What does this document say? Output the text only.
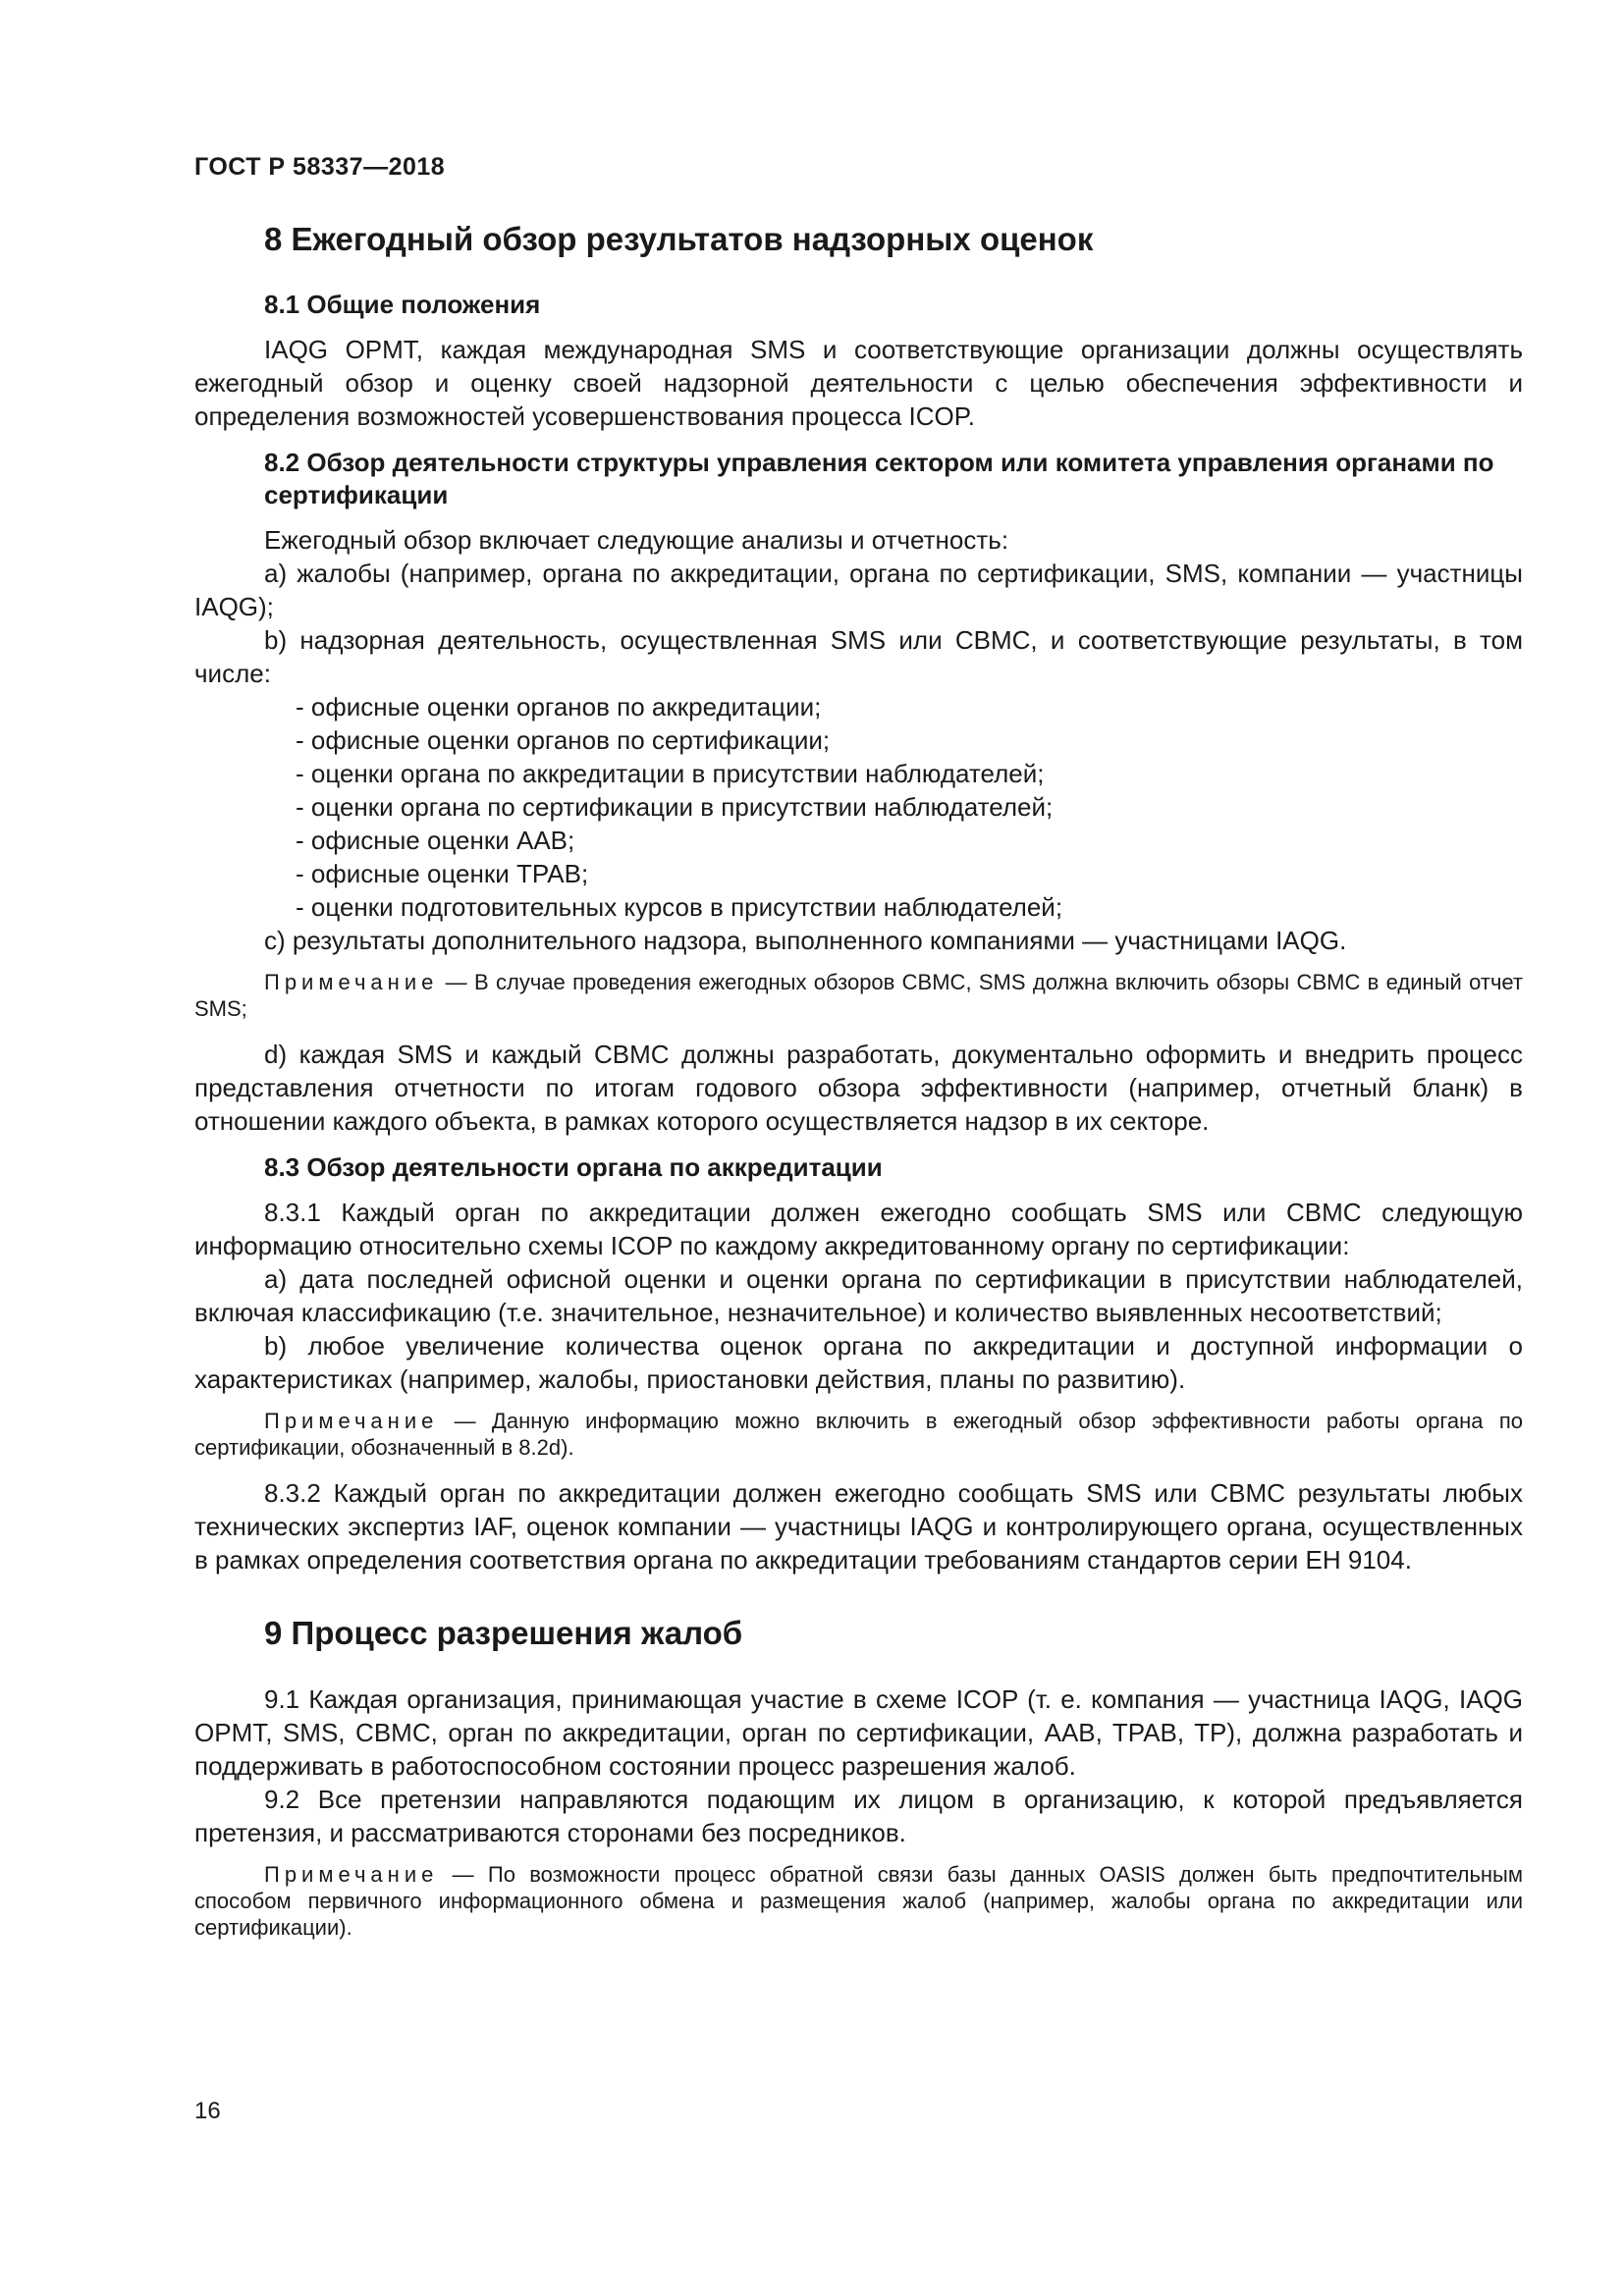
ГОСТ Р 58337—2018
8 Ежегодный обзор результатов надзорных оценок
8.1 Общие положения

IAQG OPMT, каждая международная SMS и соответствующие организации должны осуществлять ежегодный обзор и оценку своей надзорной деятельности с целью обеспечения эффективности и определения возможностей усовершенствования процесса ICOP.

8.2 Обзор деятельности структуры управления сектором или комитета управления органами по сертификации

Ежегодный обзор включает следующие анализы и отчетность:

a) жалобы (например, органа по аккредитации, органа по сертификации, SMS, компании — участницы IAQG);

b) надзорная деятельность, осуществленная SMS или CBMC, и соответствующие результаты, в том числе:

- офисные оценки органов по аккредитации;
- офисные оценки органов по сертификации;
- оценки органа по аккредитации в присутствии наблюдателей;
- оценки органа по сертификации в присутствии наблюдателей;
- офисные оценки AAB;
- офисные оценки TPAB;
- оценки подготовительных курсов в присутствии наблюдателей;

c) результаты дополнительного надзора, выполненного компаниями — участницами IAQG.

Примечание — В случае проведения ежегодных обзоров CBMC, SMS должна включить обзоры CBMC в единый отчет SMS;

d) каждая SMS и каждый CBMC должны разработать, документально оформить и внедрить процесс представления отчетности по итогам годового обзора эффективности (например, отчетный бланк) в отношении каждого объекта, в рамках которого осуществляется надзор в их секторе.

8.3 Обзор деятельности органа по аккредитации

8.3.1 Каждый орган по аккредитации должен ежегодно сообщать SMS или CBMC следующую информацию относительно схемы ICOP по каждому аккредитованному органу по сертификации:

a) дата последней офисной оценки и оценки органа по сертификации в присутствии наблюдателей, включая классификацию (т.е. значительное, незначительное) и количество выявленных несоответствий;

b) любое увеличение количества оценок органа по аккредитации и доступной информации о характеристиках (например, жалобы, приостановки действия, планы по развитию).

Примечание — Данную информацию можно включить в ежегодный обзор эффективности работы органа по сертификации, обозначенный в 8.2d).

8.3.2 Каждый орган по аккредитации должен ежегодно сообщать SMS или CBMC результаты любых технических экспертиз IAF, оценок компании — участницы IAQG и контролирующего органа, осуществленных в рамках определения соответствия органа по аккредитации требованиям стандартов серии ЕН 9104.

9 Процесс разрешения жалоб

9.1 Каждая организация, принимающая участие в схеме ICOP (т. е. компания — участница IAQG, IAQG OPMT, SMS, CBMC, орган по аккредитации, орган по сертификации, AAB, TPAB, TP), должна разработать и поддерживать в работоспособном состоянии процесс разрешения жалоб.

9.2 Все претензии направляются подающим их лицом в организацию, к которой предъявляется претензия, и рассматриваются сторонами без посредников.

Примечание — По возможности процесс обратной связи базы данных OASIS должен быть предпочтительным способом первичного информационного обмена и размещения жалоб (например, жалобы органа по аккредитации или сертификации).
16
